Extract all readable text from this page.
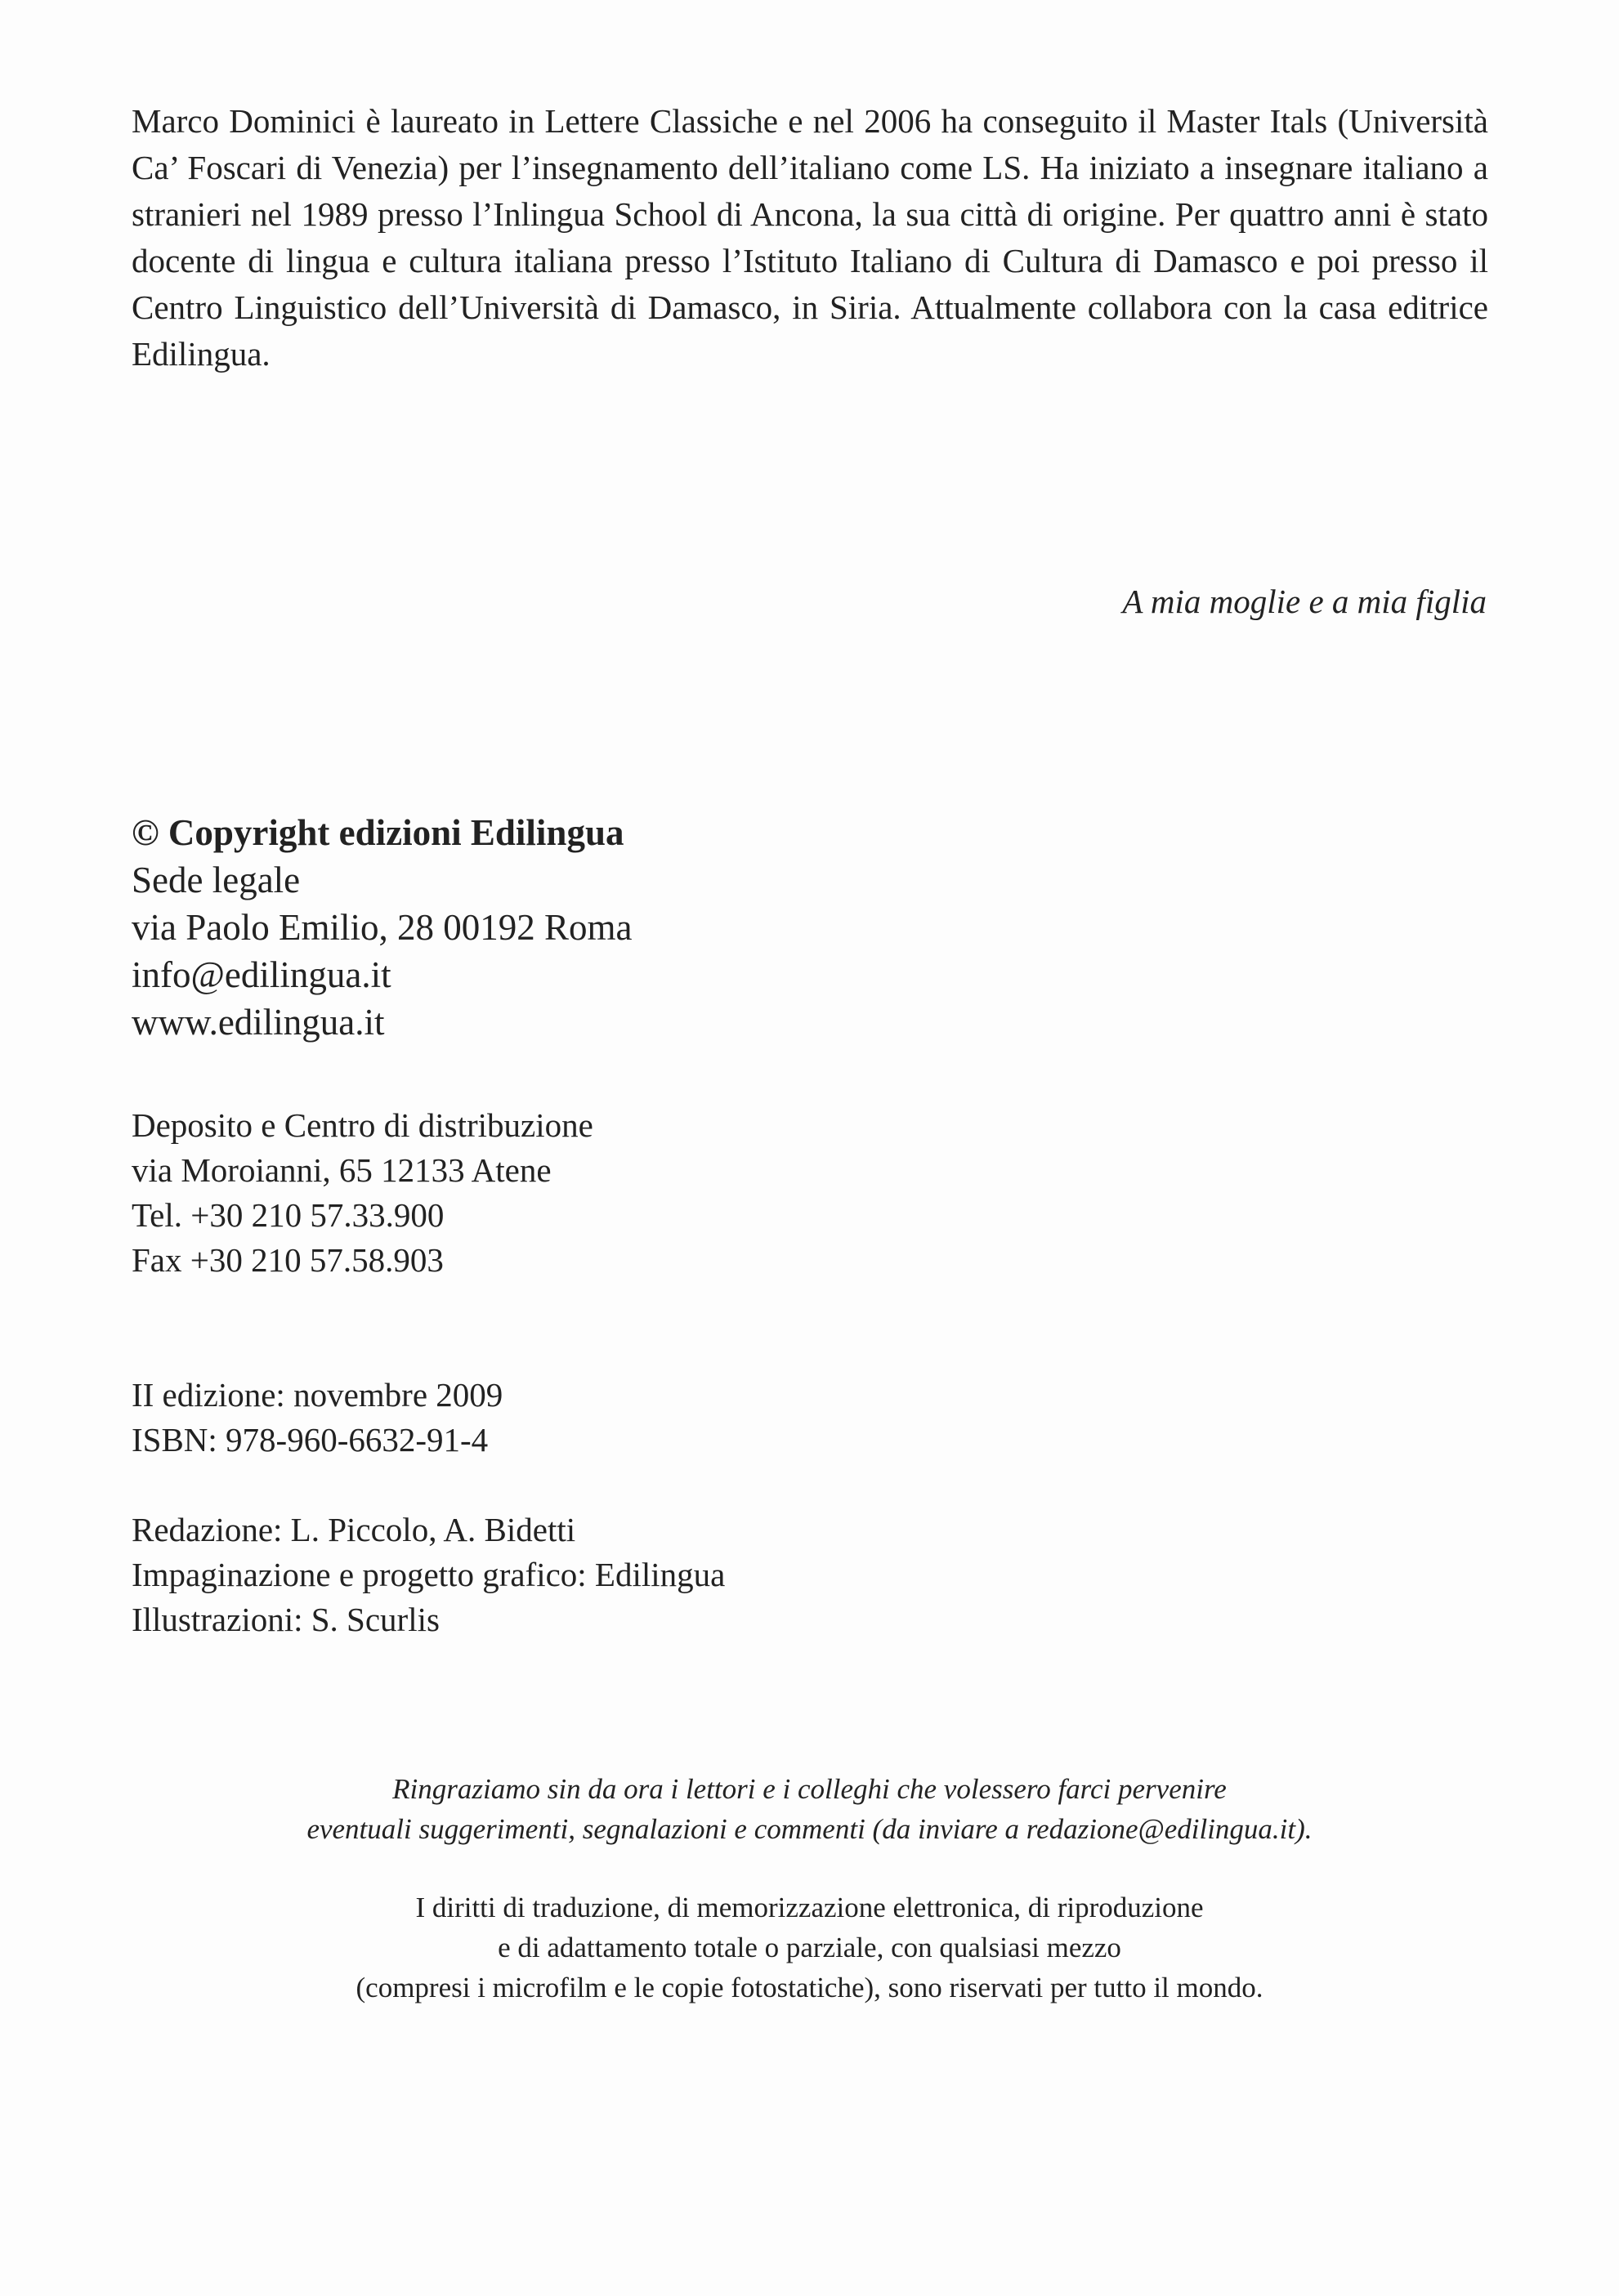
Marco Dominici è laureato in Lettere Classiche e nel 2006 ha conseguito il Master Itals (Università Ca’ Foscari di Venezia) per l’insegnamento dell’italiano come LS. Ha iniziato a insegnare italiano a stranieri nel 1989 presso l’Inlingua School di Ancona, la sua città di origine. Per quattro anni è stato docente di lingua e cultura italiana presso l’Istituto Italiano di Cultura di Damasco e poi presso il Centro Linguistico dell’Università di Damasco, in Siria. Attualmente collabora con la casa editrice Edilingua.

A mia moglie e a mia figlia

© Copyright edizioni Edilingua
Sede legale
via Paolo Emilio, 28 00192 Roma
info@edilingua.it
www.edilingua.it
Deposito e Centro di distribuzione
via Moroianni, 65 12133 Atene
Tel. +30 210 57.33.900
Fax +30 210 57.58.903
II edizione: novembre 2009
ISBN: 978-960-6632-91-4
Redazione: L. Piccolo, A. Bidetti
Impaginazione e progetto grafico: Edilingua
Illustrazioni: S. Scurlis
Ringraziamo sin da ora i lettori e i colleghi che volessero farci pervenire
eventuali suggerimenti, segnalazioni e commenti (da inviare a redazione@edilingua.it).
I diritti di traduzione, di memorizzazione elettronica, di riproduzione
e di adattamento totale o parziale, con qualsiasi mezzo
(compresi i microfilm e le copie fotostatiche), sono riservati per tutto il mondo.
